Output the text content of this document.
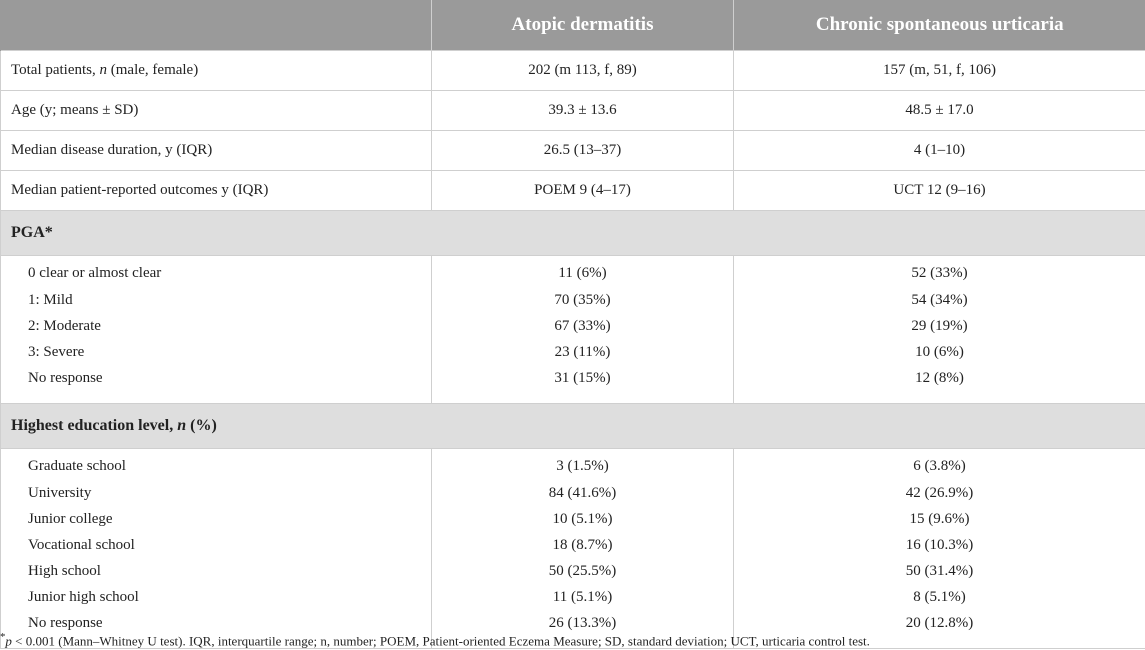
	Atopic dermatitis	Chronic spontaneous urticaria
Total patients, n (male, female)	202 (m 113, f, 89)	157 (m, 51, f, 106)
Age (y; means ± SD)	39.3 ± 13.6	48.5 ± 17.0
Median disease duration, y (IQR)	26.5 (13–37)	4 (1–10)
Median patient-reported outcomes y (IQR)	POEM 9 (4–17)	UCT 12 (9–16)
PGA*		
0 clear or almost clear	11 (6%)	52 (33%)
1: Mild	70 (35%)	54 (34%)
2: Moderate	67 (33%)	29 (19%)
3: Severe	23 (11%)	10 (6%)
No response	31 (15%)	12 (8%)
Highest education level, n (%)		
Graduate school	3 (1.5%)	6 (3.8%)
University	84 (41.6%)	42 (26.9%)
Junior college	10 (5.1%)	15 (9.6%)
Vocational school	18 (8.7%)	16 (10.3%)
High school	50 (25.5%)	50 (31.4%)
Junior high school	11 (5.1%)	8 (5.1%)
No response	26 (13.3%)	20 (12.8%)
*p < 0.001 (Mann–Whitney U test). IQR, interquartile range; n, number; POEM, Patient-oriented Eczema Measure; SD, standard deviation; UCT, urticaria control test.
